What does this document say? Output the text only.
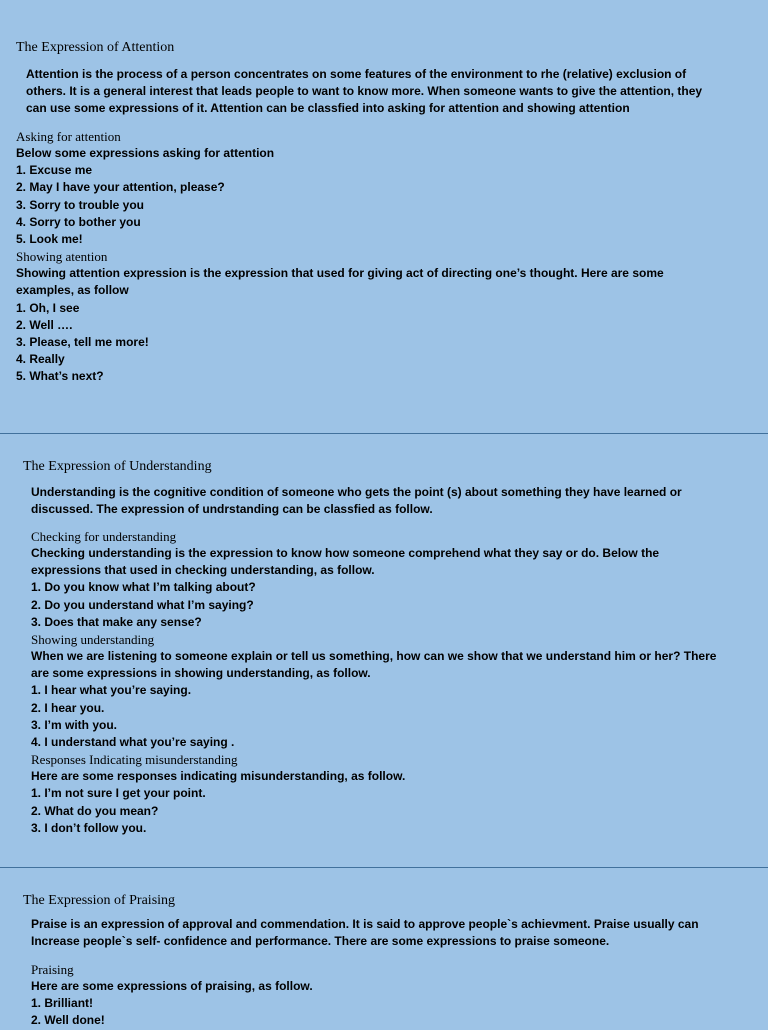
The Expression of Attention
Attention is the process of a person concentrates on some features of the environment to rhe (relative) exclusion of others. It is a general interest that leads people to want to know more. When someone wants to give the attention, they can use some expressions of it. Attention can be classfied into asking for attention and showing attention
Asking for attention
Below some expressions asking for attention
1. Excuse me
2. May I have your attention, please?
3. Sorry to trouble you
4. Sorry to bother you
5. Look me!
Showing atention
Showing attention expression is the expression that used for giving act of directing one’s thought. Here are some examples, as follow
1. Oh, I see
2. Well ….
3. Please, tell me more!
4. Really
5. What’s next?
The Expression of Understanding
Understanding is the cognitive condition of someone who gets the point (s) about something they have learned or discussed. The expression of undrstanding can be classfied as follow.
Checking for understanding
Checking understanding is the expression to know how someone comprehend what they say or do. Below the expressions that used in checking understanding, as follow.
1. Do you know what I’m talking about?
2. Do you understand what I’m saying?
3. Does that make any sense?
Showing understanding
When we are listening to someone explain or tell us something, how can we show that we understand him or her? There are some expressions in showing understanding, as follow.
1. I hear what you’re saying.
2. I hear you.
3. I’m with you.
4. I understand what you’re saying .
Responses Indicating misunderstanding
Here are some responses indicating misunderstanding, as follow.
1. I’m not sure I get your point.
2. What do you mean?
3. I don’t follow you.
The Expression of Praising
Praise is an expression of approval and commendation. It is said to approve people`s achievment. Praise usually can Increase people`s self- confidence and performance. There are some expressions to praise someone.
Praising
Here are some expressions of praising, as follow.
1. Brilliant!
2. Well done!
